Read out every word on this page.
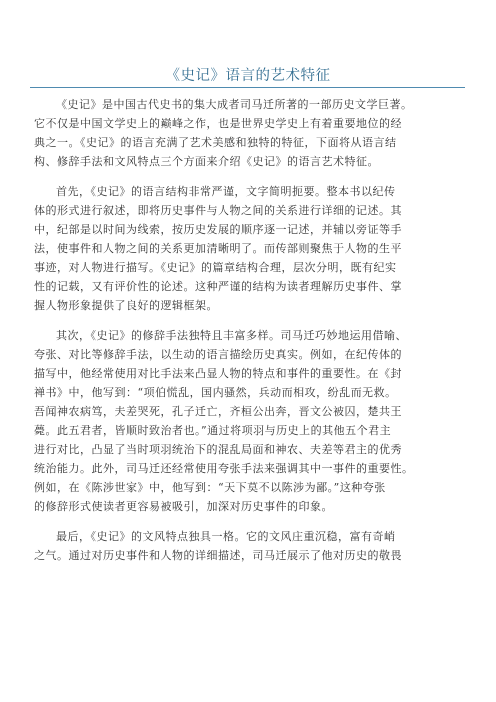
《史记》语言的艺术特征

《史记》是中国古代史书的集大成者司马迁所著的一部历史文学巨著。
它不仅是中国文学史上的巅峰之作，也是世界史学史上有着重要地位的经
典之一。《史记》的语言充满了艺术美感和独特的特征，下面将从语言结
构、修辞手法和文风特点三个方面来介绍《史记》的语言艺术特征。

首先，《史记》的语言结构非常严谨，文字简明扼要。整本书以纪传
体的形式进行叙述，即将历史事件与人物之间的关系进行详细的记述。其
中，纪部是以时间为线索，按历史发展的顺序逐一记述，并辅以旁证等手
法，使事件和人物之间的关系更加清晰明了。而传部则聚焦于人物的生平
事迹，对人物进行描写。《史记》的篇章结构合理，层次分明，既有纪实
性的记载，又有评价性的论述。这种严谨的结构为读者理解历史事件、掌
握人物形象提供了良好的逻辑框架。

其次，《史记》的修辞手法独特且丰富多样。司马迁巧妙地运用借喻、
夸张、对比等修辞手法，以生动的语言描绘历史真实。例如，在纪传体的
描写中，他经常使用对比手法来凸显人物的特点和事件的重要性。在《封
禅书》中，他写到：“项伯慌乱，国内骚然，兵动而相攻，纷乱而无救。
吾闻神农病笃，夫差哭死，孔子迁亡，齐桓公出奔，晋文公被囚，楚共王
薨。此五君者，皆顺时致治者也。”通过将项羽与历史上的其他五个君主
进行对比，凸显了当时项羽统治下的混乱局面和神农、夫差等君主的优秀
统治能力。此外，司马迁还经常使用夸张手法来强调其中一事件的重要性。
例如，在《陈涉世家》中，他写到：“天下莫不以陈涉为鄙。”这种夸张
的修辞形式使读者更容易被吸引，加深对历史事件的印象。

最后，《史记》的文风特点独具一格。它的文风庄重沉稳，富有奇峭
之气。通过对历史事件和人物的详细描述，司马迁展示了他对历史的敬畏
